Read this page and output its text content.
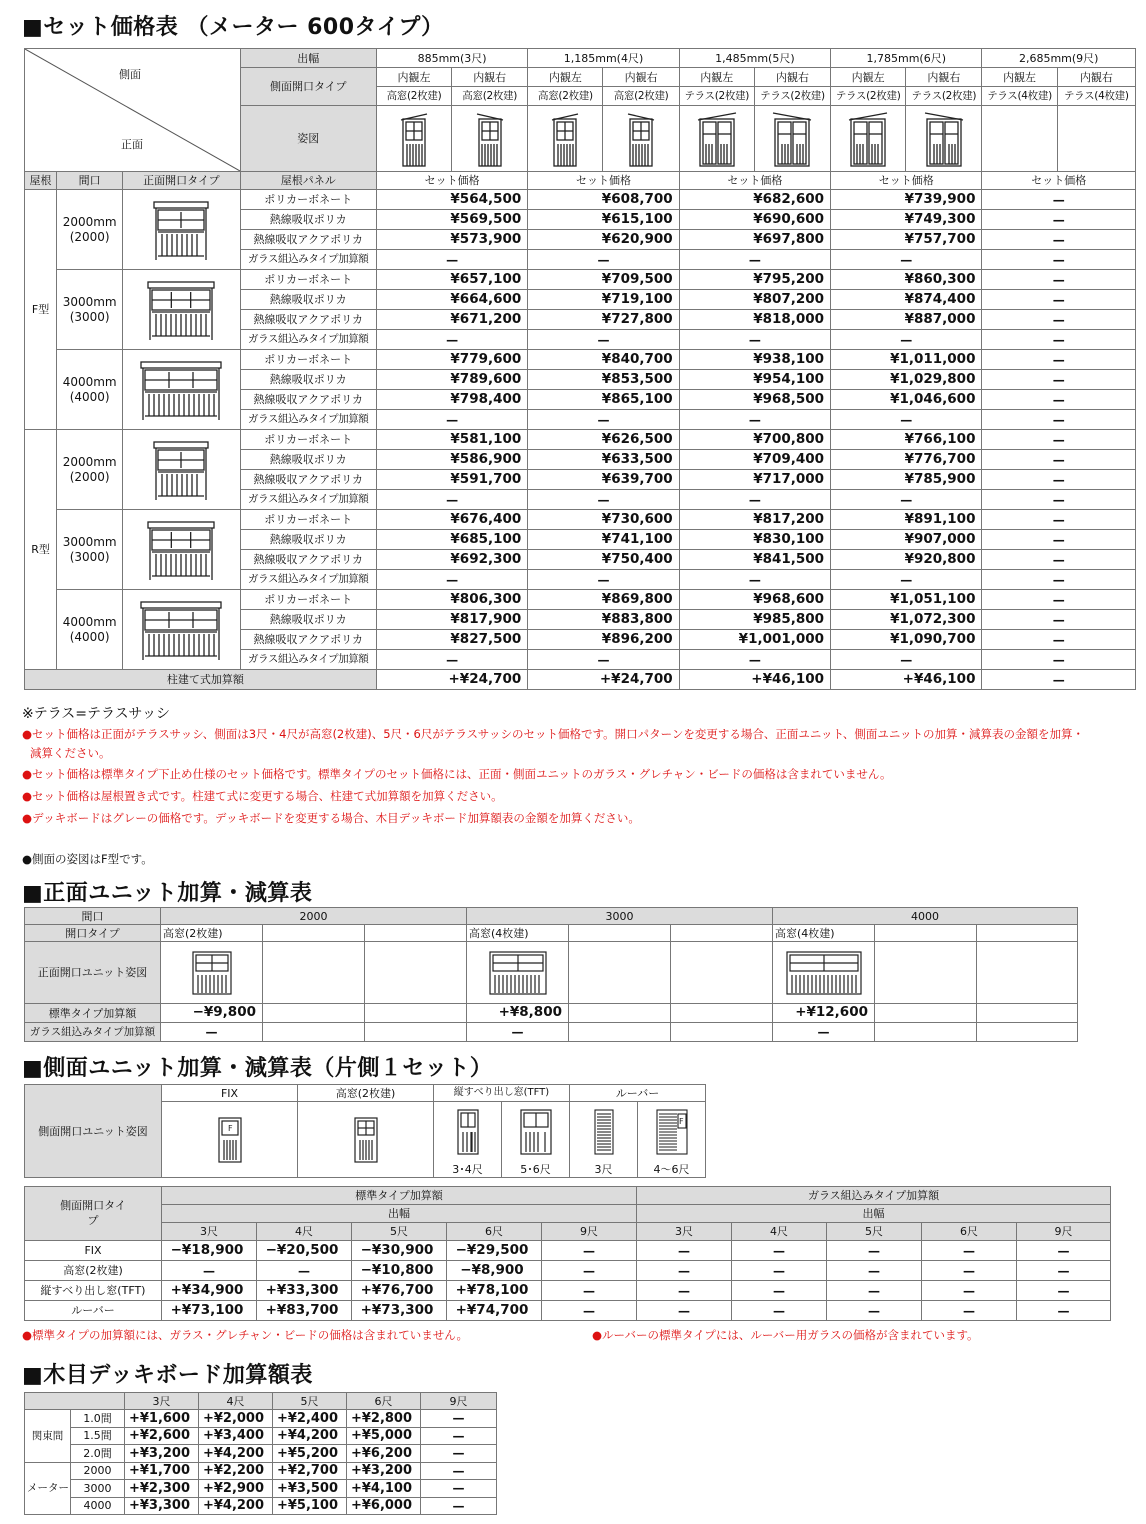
■セット価格表 （メーター 600タイプ）
側面
正面			出幅	885mm(3尺)		1,185mm(4尺)		1,485mm(5尺)		1,785mm(6尺)		2,685mm(9尺)	
			側面開口タイプ	内観左	内観右	内観左	内観右	内観左	内観右	内観左	内観右	内観左	内観右
				高窓(2枚建)	高窓(2枚建)	高窓(2枚建)	高窓(2枚建)	テラス(2枚建)	テラス(2枚建)	テラス(2枚建)	テラス(2枚建)	テラス(4枚建)	テラス(4枚建)
			姿図	

屋根	間口	正面開口タイプ	屋根パネル	セット価格		セット価格		セット価格		セット価格		セット価格	
F型	2000mm
(2000)		ポリカーボネート	¥564,500		¥608,700		¥682,600		¥739,900		—	
			熱線吸収ポリカ	¥569,500		¥615,100		¥690,600		¥749,300		—	
			熱線吸収アクアポリカ	¥573,900		¥620,900		¥697,800		¥757,700		—	
			ガラス組込みタイプ加算額	—		—		—		—		—	

	3000mm
(3000)		ポリカーボネート	¥657,100		¥709,500		¥795,200		¥860,300		—	
			熱線吸収ポリカ	¥664,600		¥719,100		¥807,200		¥874,400		—	
			熱線吸収アクアポリカ	¥671,200		¥727,800		¥818,000		¥887,000		—	
			ガラス組込みタイプ加算額	—		—		—		—		—	

	4000mm
(4000)		ポリカーボネート	¥779,600		¥840,700		¥938,100		¥1,011,000		—	
			熱線吸収ポリカ	¥789,600		¥853,500		¥954,100		¥1,029,800		—	
			熱線吸収アクアポリカ	¥798,400		¥865,100		¥968,500		¥1,046,600		—	
			ガラス組込みタイプ加算額	—		—		—		—		—	
R型	2000mm
(2000)		ポリカーボネート	¥581,100		¥626,500		¥700,800		¥766,100		—	
			熱線吸収ポリカ	¥586,900		¥633,500		¥709,400		¥776,700		—	
			熱線吸収アクアポリカ	¥591,700		¥639,700		¥717,000		¥785,900		—	
			ガラス組込みタイプ加算額	—		—		—		—		—	

	3000mm
(3000)		ポリカーボネート	¥676,400		¥730,600		¥817,200		¥891,100		—	
			熱線吸収ポリカ	¥685,100		¥741,100		¥830,100		¥907,000		—	
			熱線吸収アクアポリカ	¥692,300		¥750,400		¥841,500		¥920,800		—	
			ガラス組込みタイプ加算額	—		—		—		—		—	

	4000mm
(4000)		ポリカーボネート	¥806,300		¥869,800		¥968,600		¥1,051,100		—	
			熱線吸収ポリカ	¥817,900		¥883,800		¥985,800		¥1,072,300		—	
			熱線吸収アクアポリカ	¥827,500		¥896,200		¥1,001,000		¥1,090,700		—	
			ガラス組込みタイプ加算額	—		—		—		—		—	
柱建て式加算額				+¥24,700		+¥24,700		+¥46,100		+¥46,100		—	
※テラス=テラスサッシ
●セット価格は正面がテラスサッシ、側面は3尺・4尺が高窓(2枚建)、5尺・6尺がテラスサッシのセット価格です。開口パターンを変更する場合、正面ユニット、側面ユニットの加算・減算表の金額を加算・
減算ください。
●セット価格は標準タイプ下止め仕様のセット価格です。標準タイプのセット価格には、正面・側面ユニットのガラス・グレチャン・ビードの価格は含まれていません。
●セット価格は屋根置き式です。柱建て式に変更する場合、柱建て式加算額を加算ください。
●デッキボードはグレーの価格です。デッキボードを変更する場合、木目デッキボード加算額表の金額を加算ください。
●側面の姿図はF型です。
■正面ユニット加算・減算表
間口	2000			3000			4000		
開口タイプ	高窓(2枚建)			高窓(4枚建)			高窓(4枚建)		
正面開口ユニット姿図	

標準タイプ加算額	−¥9,800			+¥8,800			+¥12,600		
ガラス組込みタイプ加算額	—			—			—		
■側面ユニット加算・減算表（片側１セット）
側面開口ユニット姿図	FIX	高窓(2枚建)	縦すべり出し窓(TFT)		ルーバー	

F					F

			3･4尺	5･6尺	3尺	4〜6尺
側面開口タイプ	標準タイプ加算額					ガラス組込みタイプ加算額				
	出幅					出幅				
	3尺	4尺	5尺	6尺	9尺	3尺	4尺	5尺	6尺	9尺
FIX	−¥18,900	−¥20,500	−¥30,900	−¥29,500	—	—	—	—	—	—
高窓(2枚建)	—	—	−¥10,800	−¥8,900	—	—	—	—	—	—
縦すべり出し窓(TFT)	+¥34,900	+¥33,300	+¥76,700	+¥78,100	—	—	—	—	—	—
ルーバー	+¥73,100	+¥83,700	+¥73,300	+¥74,700	—	—	—	—	—	—
●標準タイプの加算額には、ガラス・グレチャン・ビードの価格は含まれていません。	●ルーバーの標準タイプには、ルーバー用ガラスの価格が含まれています。
■木目デッキボード加算額表
		3尺	4尺	5尺	6尺	9尺
関東間	1.0間	+¥1,600	+¥2,000	+¥2,400	+¥2,800	—
	1.5間	+¥2,600	+¥3,400	+¥4,200	+¥5,000	—
	2.0間	+¥3,200	+¥4,200	+¥5,200	+¥6,200	—
メーター	2000	+¥1,700	+¥2,200	+¥2,700	+¥3,200	—
	3000	+¥2,300	+¥2,900	+¥3,500	+¥4,100	—
	4000	+¥3,300	+¥4,200	+¥5,100	+¥6,000	—
